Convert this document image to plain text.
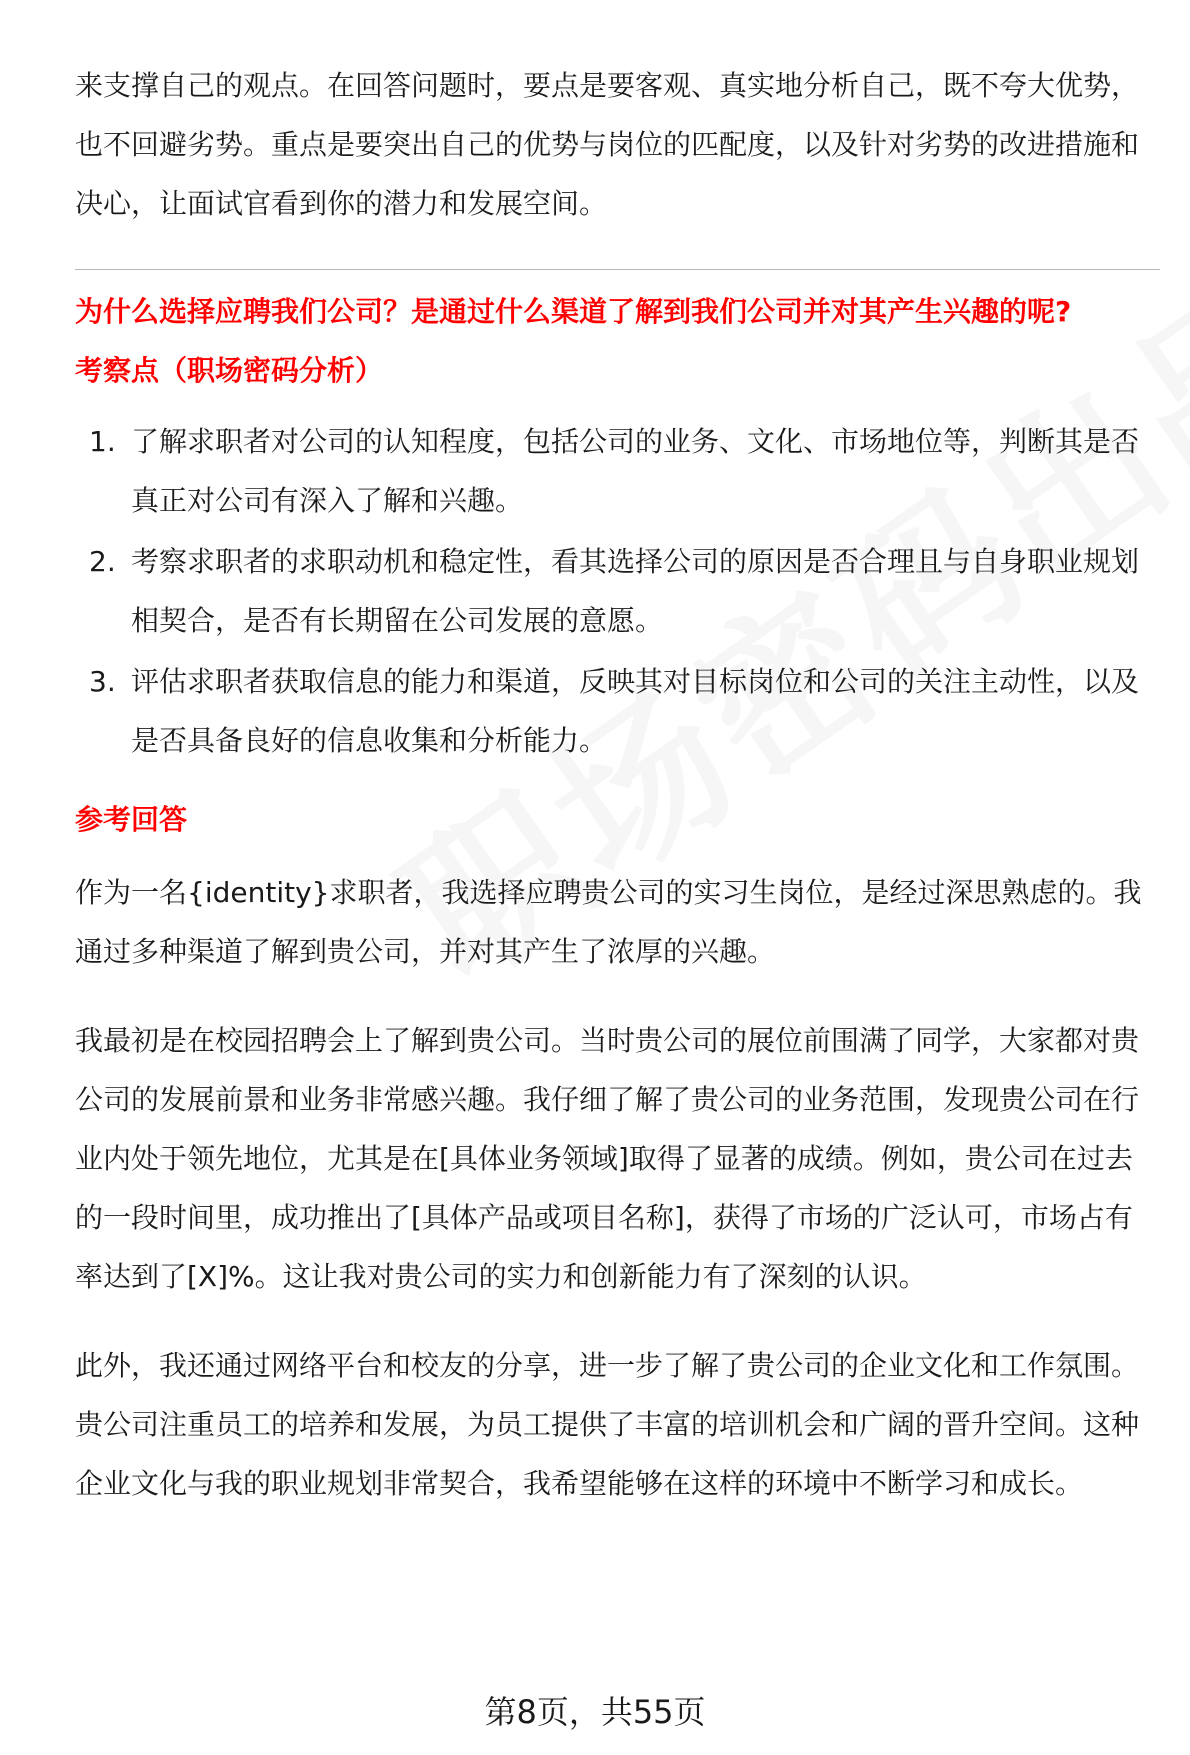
来支撑自己的观点。在回答问题时，要点是要客观、真实地分析自己，既不夸大优势，也不回避劣势。重点是要突出自己的优势与岗位的匹配度，以及针对劣势的改进措施和决心，让面试官看到你的潜力和发展空间。

为什么选择应聘我们公司？是通过什么渠道了解到我们公司并对其产生兴趣的呢?
考察点（职场密码分析）
1. 了解求职者对公司的认知程度，包括公司的业务、文化、市场地位等，判断其是否真正对公司有深入了解和兴趣。
2. 考察求职者的求职动机和稳定性，看其选择公司的原因是否合理且与自身职业规划相契合，是否有长期留在公司发展的意愿。
3. 评估求职者获取信息的能力和渠道，反映其对目标岗位和公司的关注主动性，以及是否具备良好的信息收集和分析能力。
参考回答

作为一名{identity}求职者，我选择应聘贵公司的实习生岗位，是经过深思熟虑的。我通过多种渠道了解到贵公司，并对其产生了浓厚的兴趣。

我最初是在校园招聘会上了解到贵公司。当时贵公司的展位前围满了同学，大家都对贵公司的发展前景和业务非常感兴趣。我仔细了解了贵公司的业务范围，发现贵公司在行业内处于领先地位，尤其是在[具体业务领域]取得了显著的成绩。例如，贵公司在过去的一段时间里，成功推出了[具体产品或项目名称]，获得了市场的广泛认可，市场占有率达到了[X]%。这让我对贵公司的实力和创新能力有了深刻的认识。

此外，我还通过网络平台和校友的分享，进一步了解了贵公司的企业文化和工作氛围。贵公司注重员工的培养和发展，为员工提供了丰富的培训机会和广阔的晋升空间。这种企业文化与我的职业规划非常契合，我希望能够在这样的环境中不断学习和成长。

第8页，共55页
